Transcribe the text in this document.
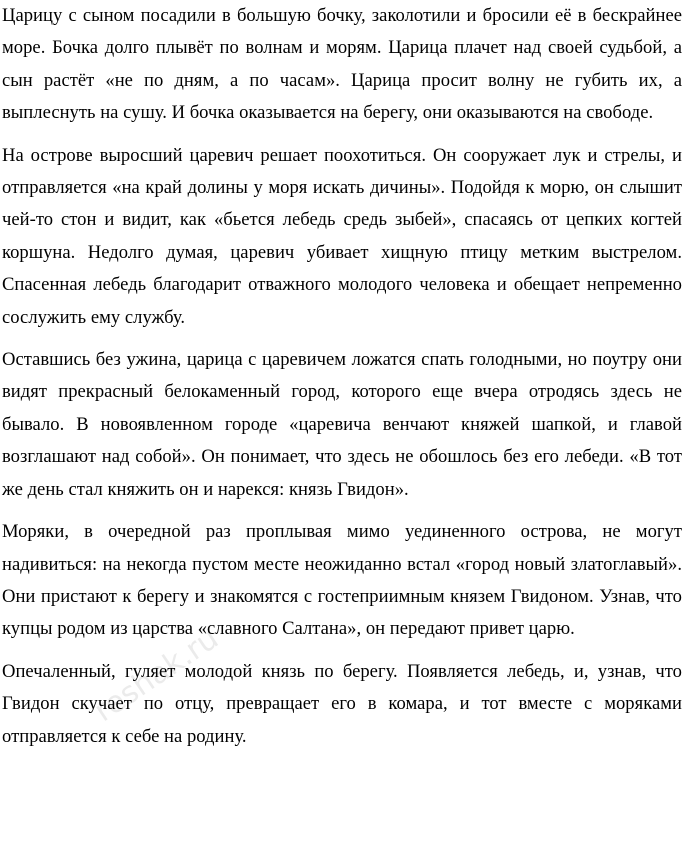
Царицу с сыном посадили в большую бочку, заколотили и бросили её в бескрайнее море. Бочка долго плывёт по волнам и морям. Царица плачет над своей судьбой, а сын растёт «не по дням, а по часам». Царица просит волну не губить их, а выплеснуть на сушу. И бочка оказывается на берегу, они оказываются на свободе.

На острове выросший царевич решает поохотиться. Он сооружает лук и стрелы, и отправляется «на край долины у моря искать дичины». Подойдя к морю, он слышит чей-то стон и видит, как «бьется лебедь средь зыбей», спасаясь от цепких когтей коршуна. Недолго думая, царевич убивает хищную птицу метким выстрелом. Спасенная лебедь благодарит отважного молодого человека и обещает непременно сослужить ему службу.

Оставшись без ужина, царица с царевичем ложатся спать голодными, но поутру они видят прекрасный белокаменный город, которого еще вчера отродясь здесь не бывало. В новоявленном городе «царевича венчают княжей шапкой, и главой возглашают над собой». Он понимает, что здесь не обошлось без его лебеди. «В тот же день стал княжить он и нарекся: князь Гвидон».

Моряки, в очередной раз проплывая мимо уединенного острова, не могут надивиться: на некогда пустом месте неожиданно встал «город новый златоглавый». Они пристают к берегу и знакомятся с гостеприимным князем Гвидоном. Узнав, что купцы родом из царства «славного Салтана», он передают привет царю.

Опечаленный, гуляет молодой князь по берегу. Появляется лебедь, и, узнав, что Гвидон скучает по отцу, превращает его в комара, и тот вместе с моряками отправляется к себе на родину.

reshak.ru
